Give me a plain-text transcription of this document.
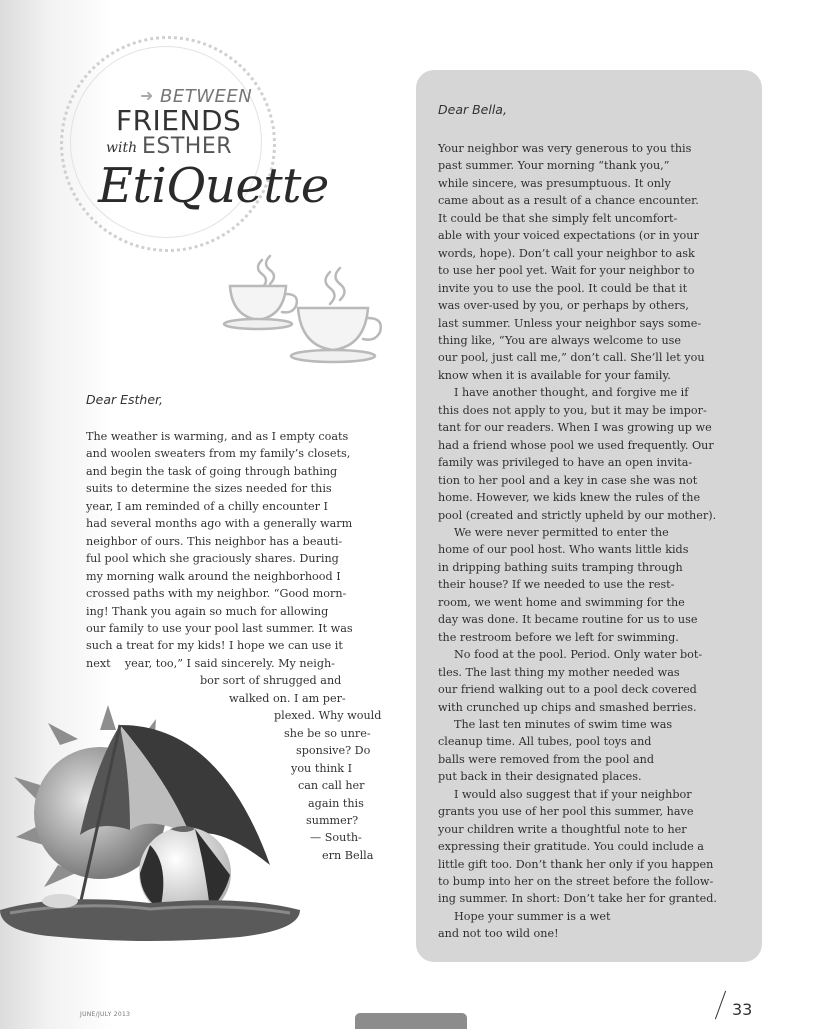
➜ BETWEEN
FRIENDS
with ESTHER
EtiQuette
Dear Esther,
The weather is warming, and as I empty coats
and woolen sweaters from my family’s closets,
and begin the task of going through bathing
suits to determine the sizes needed for this
year, I am reminded of a chilly encounter I
had several months ago with a generally warm
neighbor of ours. This neighbor has a beauti-
ful pool which she graciously shares. During
my morning walk around the neighborhood I
crossed paths with my neighbor. “Good morn-
ing! Thank you again so much for allowing
our family to use your pool last summer. It was
such a treat for my kids! I hope we can use it
next    year, too,” I said sincerely. My neigh-
bor sort of shrugged and
walked on. I am per-
plexed. Why would
she be so unre-
sponsive? Do
you think I
can call her
again this
summer?
— South-
ern Bella
Dear Bella,
Your neighbor was very generous to you this
past summer. Your morning “thank you,”
while sincere, was presumptuous. It only
came about as a result of a chance encounter.
It could be that she simply felt uncomfort-
able with your voiced expectations (or in your
words, hope). Don’t call your neighbor to ask
to use her pool yet. Wait for your neighbor to
invite you to use the pool. It could be that it
was over-used by you, or perhaps by others,
last summer. Unless your neighbor says some-
thing like, “You are always welcome to use
our pool, just call me,” don’t call. She’ll let you
know when it is available for your family.
I have another thought, and forgive me if
this does not apply to you, but it may be impor-
tant for our readers. When I was growing up we
had a friend whose pool we used frequently. Our
family was privileged to have an open invita-
tion to her pool and a key in case she was not
home. However, we kids knew the rules of the
pool (created and strictly upheld by our mother).
We were never permitted to enter the
home of our pool host. Who wants little kids
in dripping bathing suits tramping through
their house? If we needed to use the rest-
room, we went home and swimming for the
day was done. It became routine for us to use
the restroom before we left for swimming.
No food at the pool. Period. Only water bot-
tles. The last thing my mother needed was
our friend walking out to a pool deck covered
with crunched up chips and smashed berries.
The last ten minutes of swim time was
cleanup time. All tubes, pool toys and
balls were removed from the pool and
put back in their designated places.
I would also suggest that if your neighbor
grants you use of her pool this summer, have
your children write a thoughtful note to her
expressing their gratitude. You could include a
little gift too. Don’t thank her only if you happen
to bump into her on the street before the follow-
ing summer. In short: Don’t take her for granted.
Hope your summer is a wet
and not too wild one!
JUNE/JULY 2013	33
